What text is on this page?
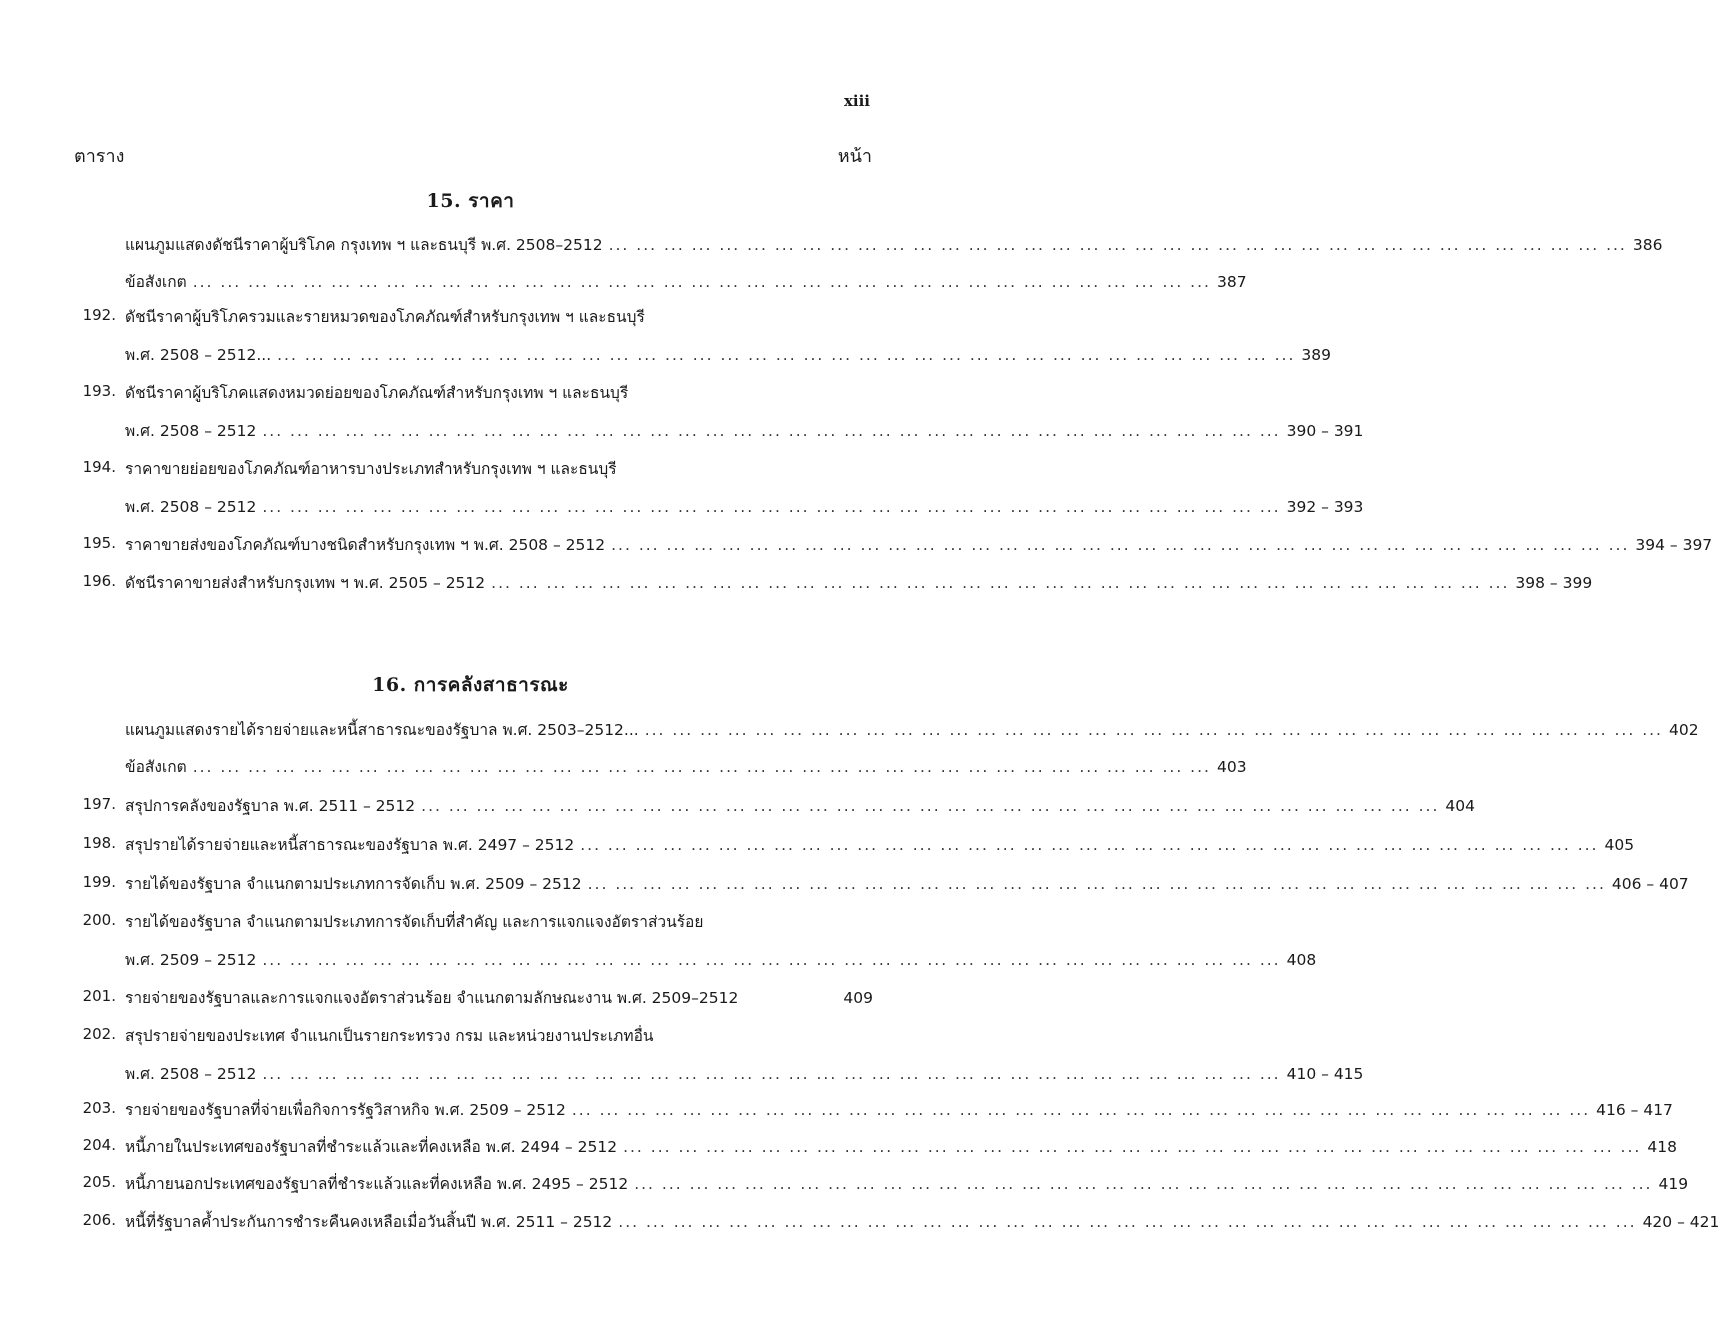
xiii
ตาราง	หน้า
15. ราคา
แผนภูมแสดงดัชนีราคาผู้บริโภค กรุงเทพ ฯ และธนบุรี พ.ศ. 2508–2512 ... .	386
ข้อสังเกต ... .	387
192. ดัชนีราคาผู้บริโภครวมและรายหมวดของโภคภัณฑ์สำหรับกรุงเทพ ฯ และธนบุรี
พ.ศ. 2508 – 2512... ... .	389
193. ดัชนีราคาผู้บริโภคแสดงหมวดย่อยของโภคภัณฑ์สำหรับกรุงเทพ ฯ และธนบุรี
พ.ศ. 2508 – 2512 ... .	390 – 391
194. ราคาขายย่อยของโภคภัณฑ์อาหารบางประเภทสำหรับกรุงเทพ ฯ และธนบุรี
พ.ศ. 2508 – 2512 ... .	392 – 393
195. ราคาขายส่งของโภคภัณฑ์บางชนิดสำหรับกรุงเทพ ฯ พ.ศ. 2508 – 2512 ... .	394 – 397
196. ดัชนีราคาขายส่งสำหรับกรุงเทพ ฯ พ.ศ. 2505 – 2512 ... .	398 – 399
16. การคลังสาธารณะ
แผนภูมแสดงรายได้รายจ่ายและหนี้สาธารณะของรัฐบาล พ.ศ. 2503–2512... ... .	402
ข้อสังเกต ... .	403
197. สรุปการคลังของรัฐบาล พ.ศ. 2511 – 2512 ... .	404
198. สรุปรายได้รายจ่ายและหนี้สาธารณะของรัฐบาล พ.ศ. 2497 – 2512 ... .	405
199. รายได้ของรัฐบาล จำแนกตามประเภทการจัดเก็บ พ.ศ. 2509 – 2512 ... .	406 – 407
200. รายได้ของรัฐบาล จำแนกตามประเภทการจัดเก็บที่สำคัญ และการแจกแจงอัตราส่วนร้อย
พ.ศ. 2509 – 2512 ... .	408
201. รายจ่ายของรัฐบาลและการแจกแจงอัตราส่วนร้อย จำแนกตามลักษณะงาน พ.ศ. 2509–2512	409
202. สรุปรายจ่ายของประเทศ จำแนกเป็นรายกระทรวง กรม และหน่วยงานประเภทอื่น
พ.ศ. 2508 – 2512 ... .	410 – 415
203. รายจ่ายของรัฐบาลที่จ่ายเพื่อกิจการรัฐวิสาหกิจ พ.ศ. 2509 – 2512 ... .	416 – 417
204. หนี้ภายในประเทศของรัฐบาลที่ชำระแล้วและที่คงเหลือ พ.ศ. 2494 – 2512 ... .	418
205. หนี้ภายนอกประเทศของรัฐบาลที่ชำระแล้วและที่คงเหลือ พ.ศ. 2495 – 2512 ... .	419
206. หนี้ที่รัฐบาลค้ำประกันการชำระคืนคงเหลือเมื่อวันสิ้นปี พ.ศ. 2511 – 2512 ... .	420 – 421
